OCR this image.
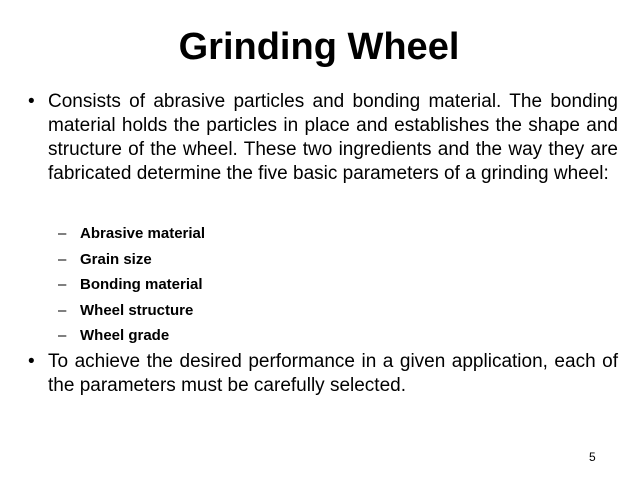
Grinding Wheel
• Consists of abrasive particles and bonding material. The bonding material holds the particles in place and establishes the shape and structure of the wheel. These two ingredients and the way they are fabricated determine the five basic parameters of a grinding wheel:
– Abrasive material
– Grain size
– Bonding material
– Wheel structure
– Wheel grade
• To achieve the desired performance in a given application, each of the parameters must be carefully selected.
5
